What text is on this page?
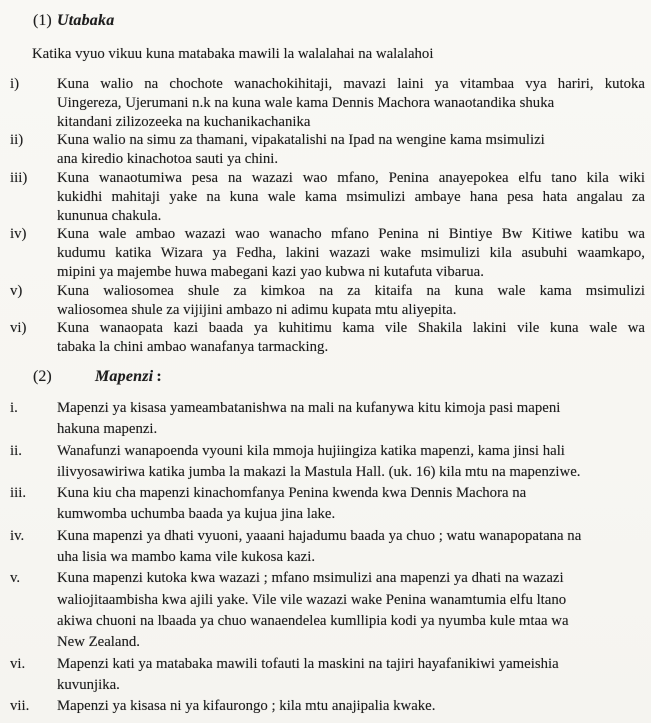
(1) Utabaka
Katika vyuo vikuu kuna matabaka mawili la walalahai na walalahoi
i)	Kuna walio na chochote wanachokihitaji, mavazi laini ya vitambaa vya hariri, kutoka
Uingereza, Ujerumani n.k na kuna wale kama Dennis Machora wanaotandika shuka
kitandani zilizozeeka na kuchanikachanika
ii)	Kuna walio na simu za thamani, vipakatalishi na Ipad na wengine kama msimulizi
ana kiredio kinachotoa sauti ya chini.
iii)	Kuna wanaotumiwa pesa na wazazi wao mfano, Penina anayepokea elfu tano kila wiki
kukidhi mahitaji yake na kuna wale kama msimulizi ambaye hana pesa hata angalau za
kununua chakula.
iv)	Kuna wale ambao wazazi wao wanacho mfano Penina ni Bintiye Bw Kitiwe katibu wa
kudumu katika Wizara ya Fedha, lakini wazazi wake msimulizi kila asubuhi waamkapo,
mipini ya majembe huwa mabegani kazi yao kubwa ni kutafuta vibarua.
v)	Kuna waliosomea shule za kimkoa na za kitaifa na kuna wale kama msimulizi
waliosomea shule za vijijini ambazo ni adimu kupata mtu aliyepita.
vi)	Kuna wanaopata kazi baada ya kuhitimu kama vile Shakila lakini vile kuna wale wa
tabaka la chini ambao wanafanya tarmacking.
(2)	Mapenzi :
i.	Mapenzi ya kisasa yameambatanishwa na mali na kufanywa kitu kimoja pasi mapeni
hakuna mapenzi.
ii.	Wanafunzi wanapoenda vyouni kila mmoja hujiingiza katika mapenzi, kama jinsi hali
ilivyosawiriwa katika jumba la makazi la Mastula Hall. (uk. 16) kila mtu na mapenziwe.
iii.	Kuna kiu cha mapenzi kinachomfanya Penina kwenda kwa Dennis Machora na
kumwomba uchumba baada ya kujua jina lake.
iv.	Kuna mapenzi ya dhati vyuoni, yaaani hajadumu baada ya chuo ; watu wanapopatana na
uha lisia wa mambo kama vile kukosa kazi.
v.	Kuna mapenzi kutoka kwa wazazi ; mfano msimulizi ana mapenzi ya dhati na wazazi
waliojitaambisha kwa ajili yake. Vile vile wazazi wake Penina wanamtumia elfu ltano
akiwa chuoni na lbaada ya chuo wanaendelea kumllipia kodi ya nyumba kule mtaa wa
New Zealand.
vi.	Mapenzi kati ya matabaka mawili tofauti la maskini na tajiri hayafanikiwi yameishia
kuvunjika.
vii.	Mapenzi ya kisasa ni ya kifaurongo ; kila mtu anajipalia kwake.
